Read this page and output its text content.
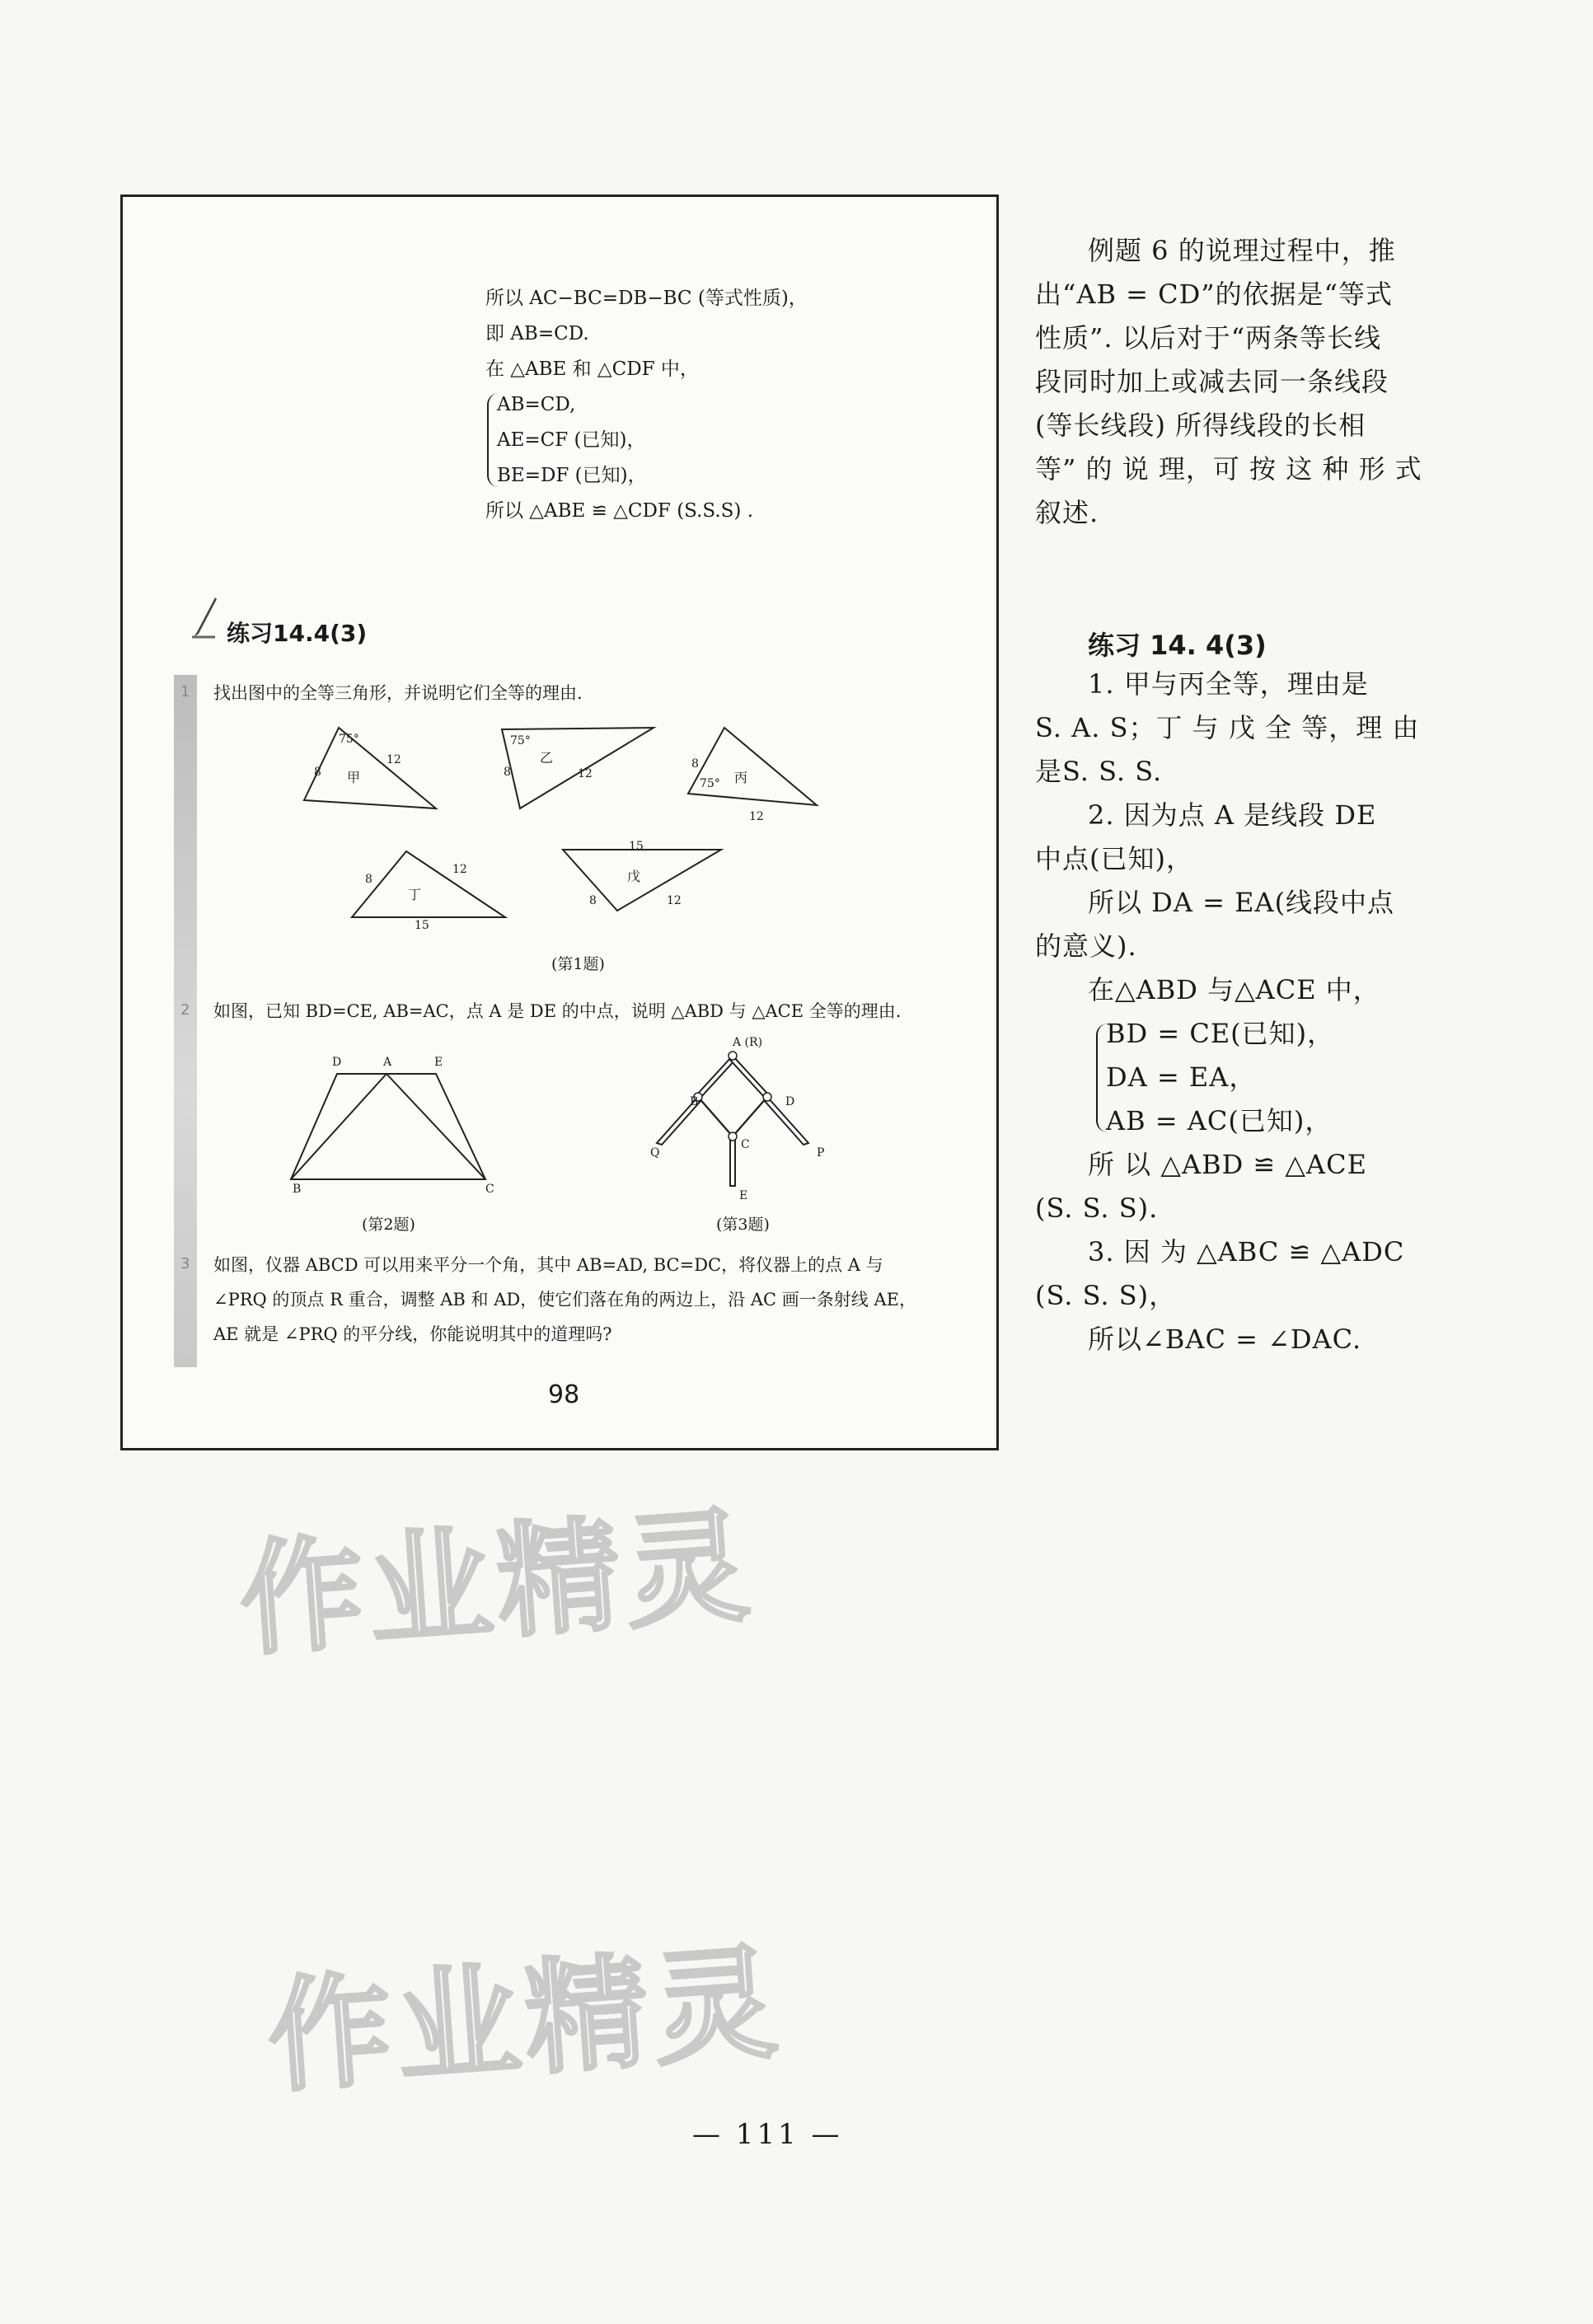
所以 AC−BC=DB−BC (等式性质)，
即 AB=CD.
在 △ABE 和 △CDF 中，
AB=CD,
AE=CF (已知)，
BE=DF (已知)，
所以 △ABE ≌ △CDF (S.S.S) .
练习14.4(3)
1 找出图中的全等三角形，并说明它们全等的理由.
75°
8
12
甲
75°
8	12
乙	8
75°
12
丙
8
12
15
丁
15
8	12
戊
(第1题)
2 如图，已知 BD=CE, AB=AC，点 A 是 DE 的中点，说明 △ABD 与 △ACE 全等的理由.
D	A	E
B	C
(第2题)
A (R)
B	D
C
Q	P
E
(第3题)
3 如图，仪器 ABCD 可以用来平分一个角，其中 AB=AD, BC=DC，将仪器上的点 A 与
∠PRQ 的顶点 R 重合，调整 AB 和 AD，使它们落在角的两边上，沿 AC 画一条射线 AE，
AE 就是 ∠PRQ 的平分线，你能说明其中的道理吗?
98
例题 6 的说理过程中，推
出“AB = CD”的依据是“等式
性质”. 以后对于“两条等长线
段同时加上或减去同一条线段
(等长线段) 所得线段的长相
等” 的 说 理，可 按 这 种 形 式
叙述.
练习 14. 4(3)
1. 甲与丙全等，理由是
S. A. S；丁 与 戊 全 等，理 由
是S. S. S.
2. 因为点 A 是线段 DE
中点(已知)，
所以 DA = EA(线段中点
的意义).
在△ABD 与△ACE 中，
BD = CE(已知)，
DA = EA，
AB = AC(已知)，
所 以 △ABD ≌ △ACE
(S. S. S).
3. 因 为 △ABC ≌ △ADC
(S. S. S)，
所以∠BAC = ∠DAC.
作业精灵
作业精灵
— 111 —
